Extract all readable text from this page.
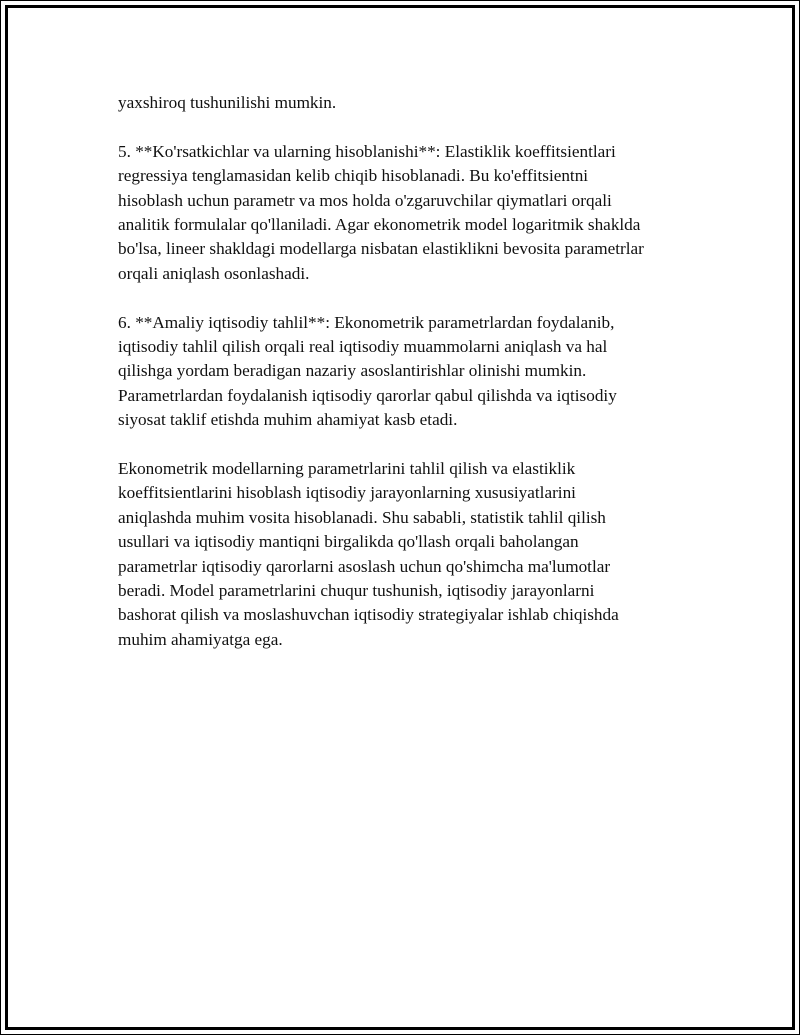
yaxshiroq tushunilishi mumkin.

5. **Ko'rsatkichlar va ularning hisoblanishi**: Elastiklik koeffitsientlari
regressiya tenglamasidan kelib chiqib hisoblanadi. Bu ko'effitsientni
hisoblash uchun parametr va mos holda o'zgaruvchilar qiymatlari orqali
analitik formulalar qo'llaniladi. Agar ekonometrik model logaritmik shaklda
bo'lsa, lineer shakldagi modellarga nisbatan elastiklikni bevosita parametrlar
orqali aniqlash osonlashadi.

6. **Amaliy iqtisodiy tahlil**: Ekonometrik parametrlardan foydalanib,
iqtisodiy tahlil qilish orqali real iqtisodiy muammolarni aniqlash va hal
qilishga yordam beradigan nazariy asoslantirishlar olinishi mumkin.
Parametrlardan foydalanish iqtisodiy qarorlar qabul qilishda va iqtisodiy
siyosat taklif etishda muhim ahamiyat kasb etadi.

Ekonometrik modellarning parametrlarini tahlil qilish va elastiklik
koeffitsientlarini hisoblash iqtisodiy jarayonlarning xususiyatlarini
aniqlashda muhim vosita hisoblanadi. Shu sababli, statistik tahlil qilish
usullari va iqtisodiy mantiqni birgalikda qo'llash orqali baholangan
parametrlar iqtisodiy qarorlarni asoslash uchun qo'shimcha ma'lumotlar
beradi. Model parametrlarini chuqur tushunish, iqtisodiy jarayonlarni
bashorat qilish va moslashuvchan iqtisodiy strategiyalar ishlab chiqishda
muhim ahamiyatga ega.
